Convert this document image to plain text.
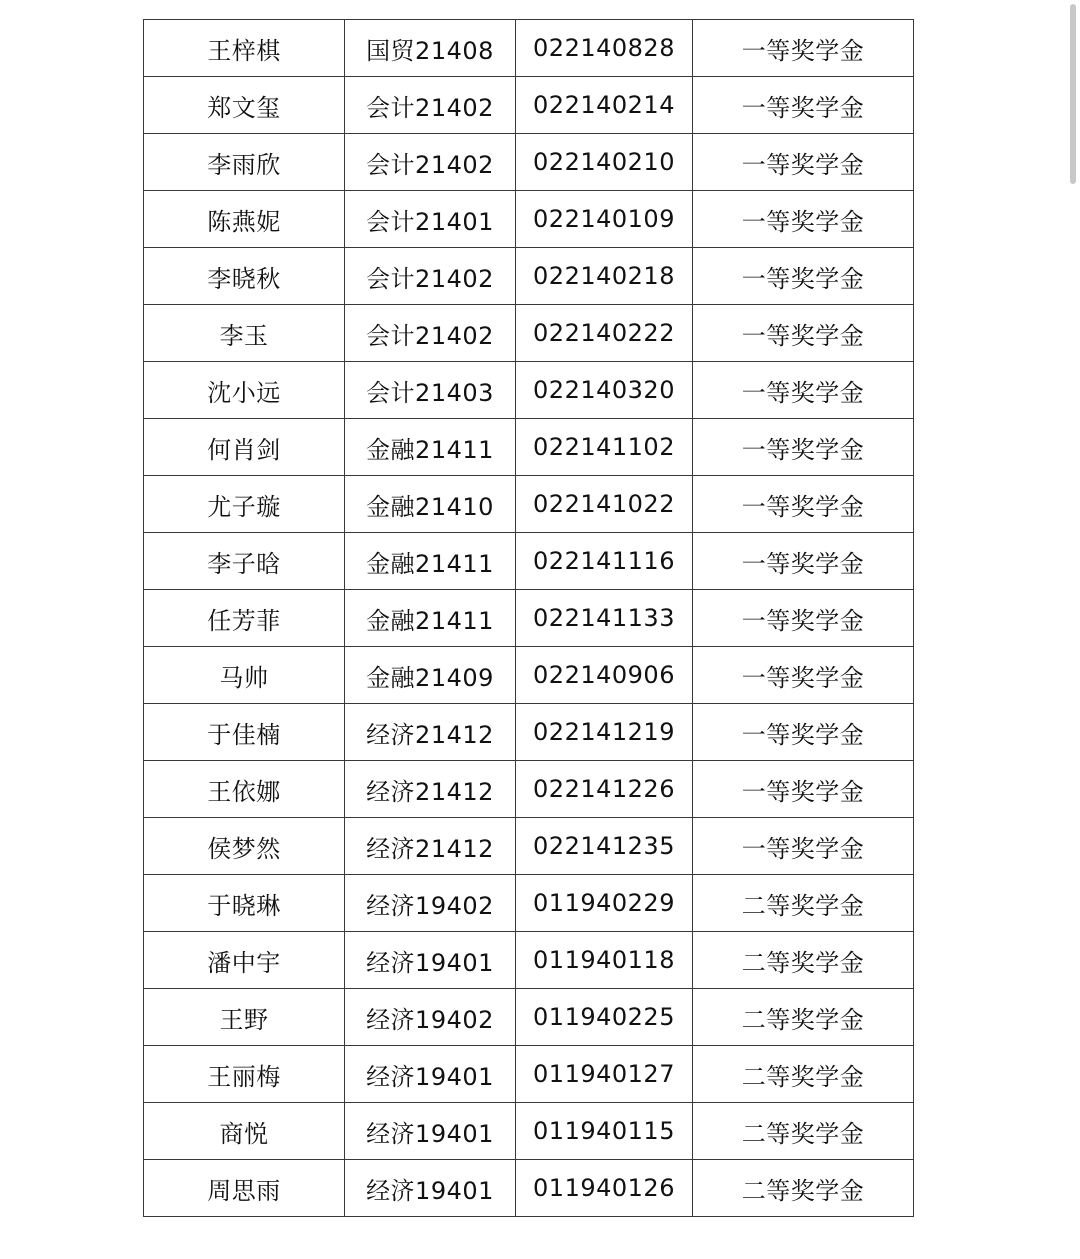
王梓棋	国贸21408	022140828	一等奖学金
郑文玺	会计21402	022140214	一等奖学金
李雨欣	会计21402	022140210	一等奖学金
陈燕妮	会计21401	022140109	一等奖学金
李晓秋	会计21402	022140218	一等奖学金
李玉	会计21402	022140222	一等奖学金
沈小远	会计21403	022140320	一等奖学金
何肖剑	金融21411	022141102	一等奖学金
尤子璇	金融21410	022141022	一等奖学金
李子晗	金融21411	022141116	一等奖学金
任芳菲	金融21411	022141133	一等奖学金
马帅	金融21409	022140906	一等奖学金
于佳楠	经济21412	022141219	一等奖学金
王依娜	经济21412	022141226	一等奖学金
侯梦然	经济21412	022141235	一等奖学金
于晓琳	经济19402	011940229	二等奖学金
潘中宇	经济19401	011940118	二等奖学金
王野	经济19402	011940225	二等奖学金
王丽梅	经济19401	011940127	二等奖学金
商悦	经济19401	011940115	二等奖学金
周思雨	经济19401	011940126	二等奖学金
